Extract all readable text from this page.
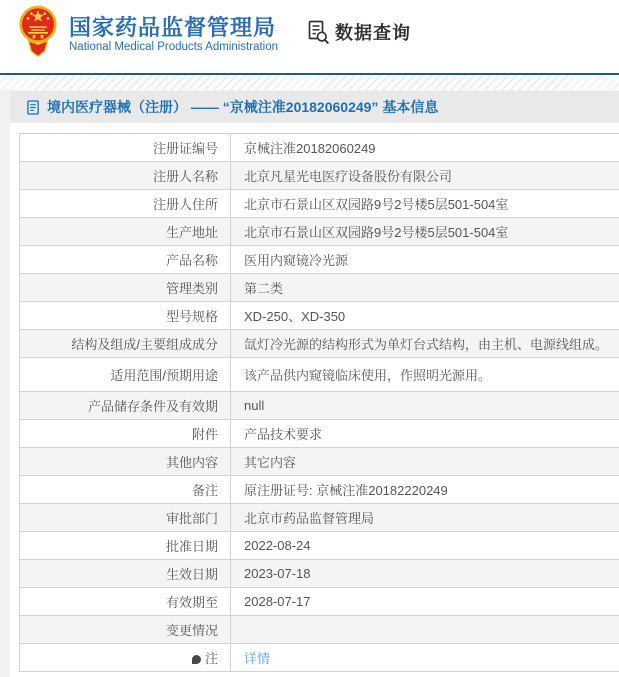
国家药品监督管理局
National Medical Products Administration
数据查询
境内医疗器械（注册） —— “京械注准20182060249” 基本信息
注册证编号	京械注准20182060249
注册人名称	北京凡星光电医疗设备股份有限公司
注册人住所	北京市石景山区双园路9号2号楼5层501-504室
生产地址	北京市石景山区双园路9号2号楼5层501-504室
产品名称	医用内窥镜冷光源
管理类别	第二类
型号规格	XD-250、XD-350
结构及组成/主要组成成分	氙灯冷光源的结构形式为单灯台式结构，由主机、电源线组成。
适用范围/预期用途	该产品供内窥镜临床使用，作照明光源用。
产品储存条件及有效期	null
附件	产品技术要求
其他内容	其它内容
备注	原注册证号: 京械注准20182220249
审批部门	北京市药品监督管理局
批准日期	2022-08-24
生效日期	2023-07-18
有效期至	2028-07-17
变更情况	
注	详情
